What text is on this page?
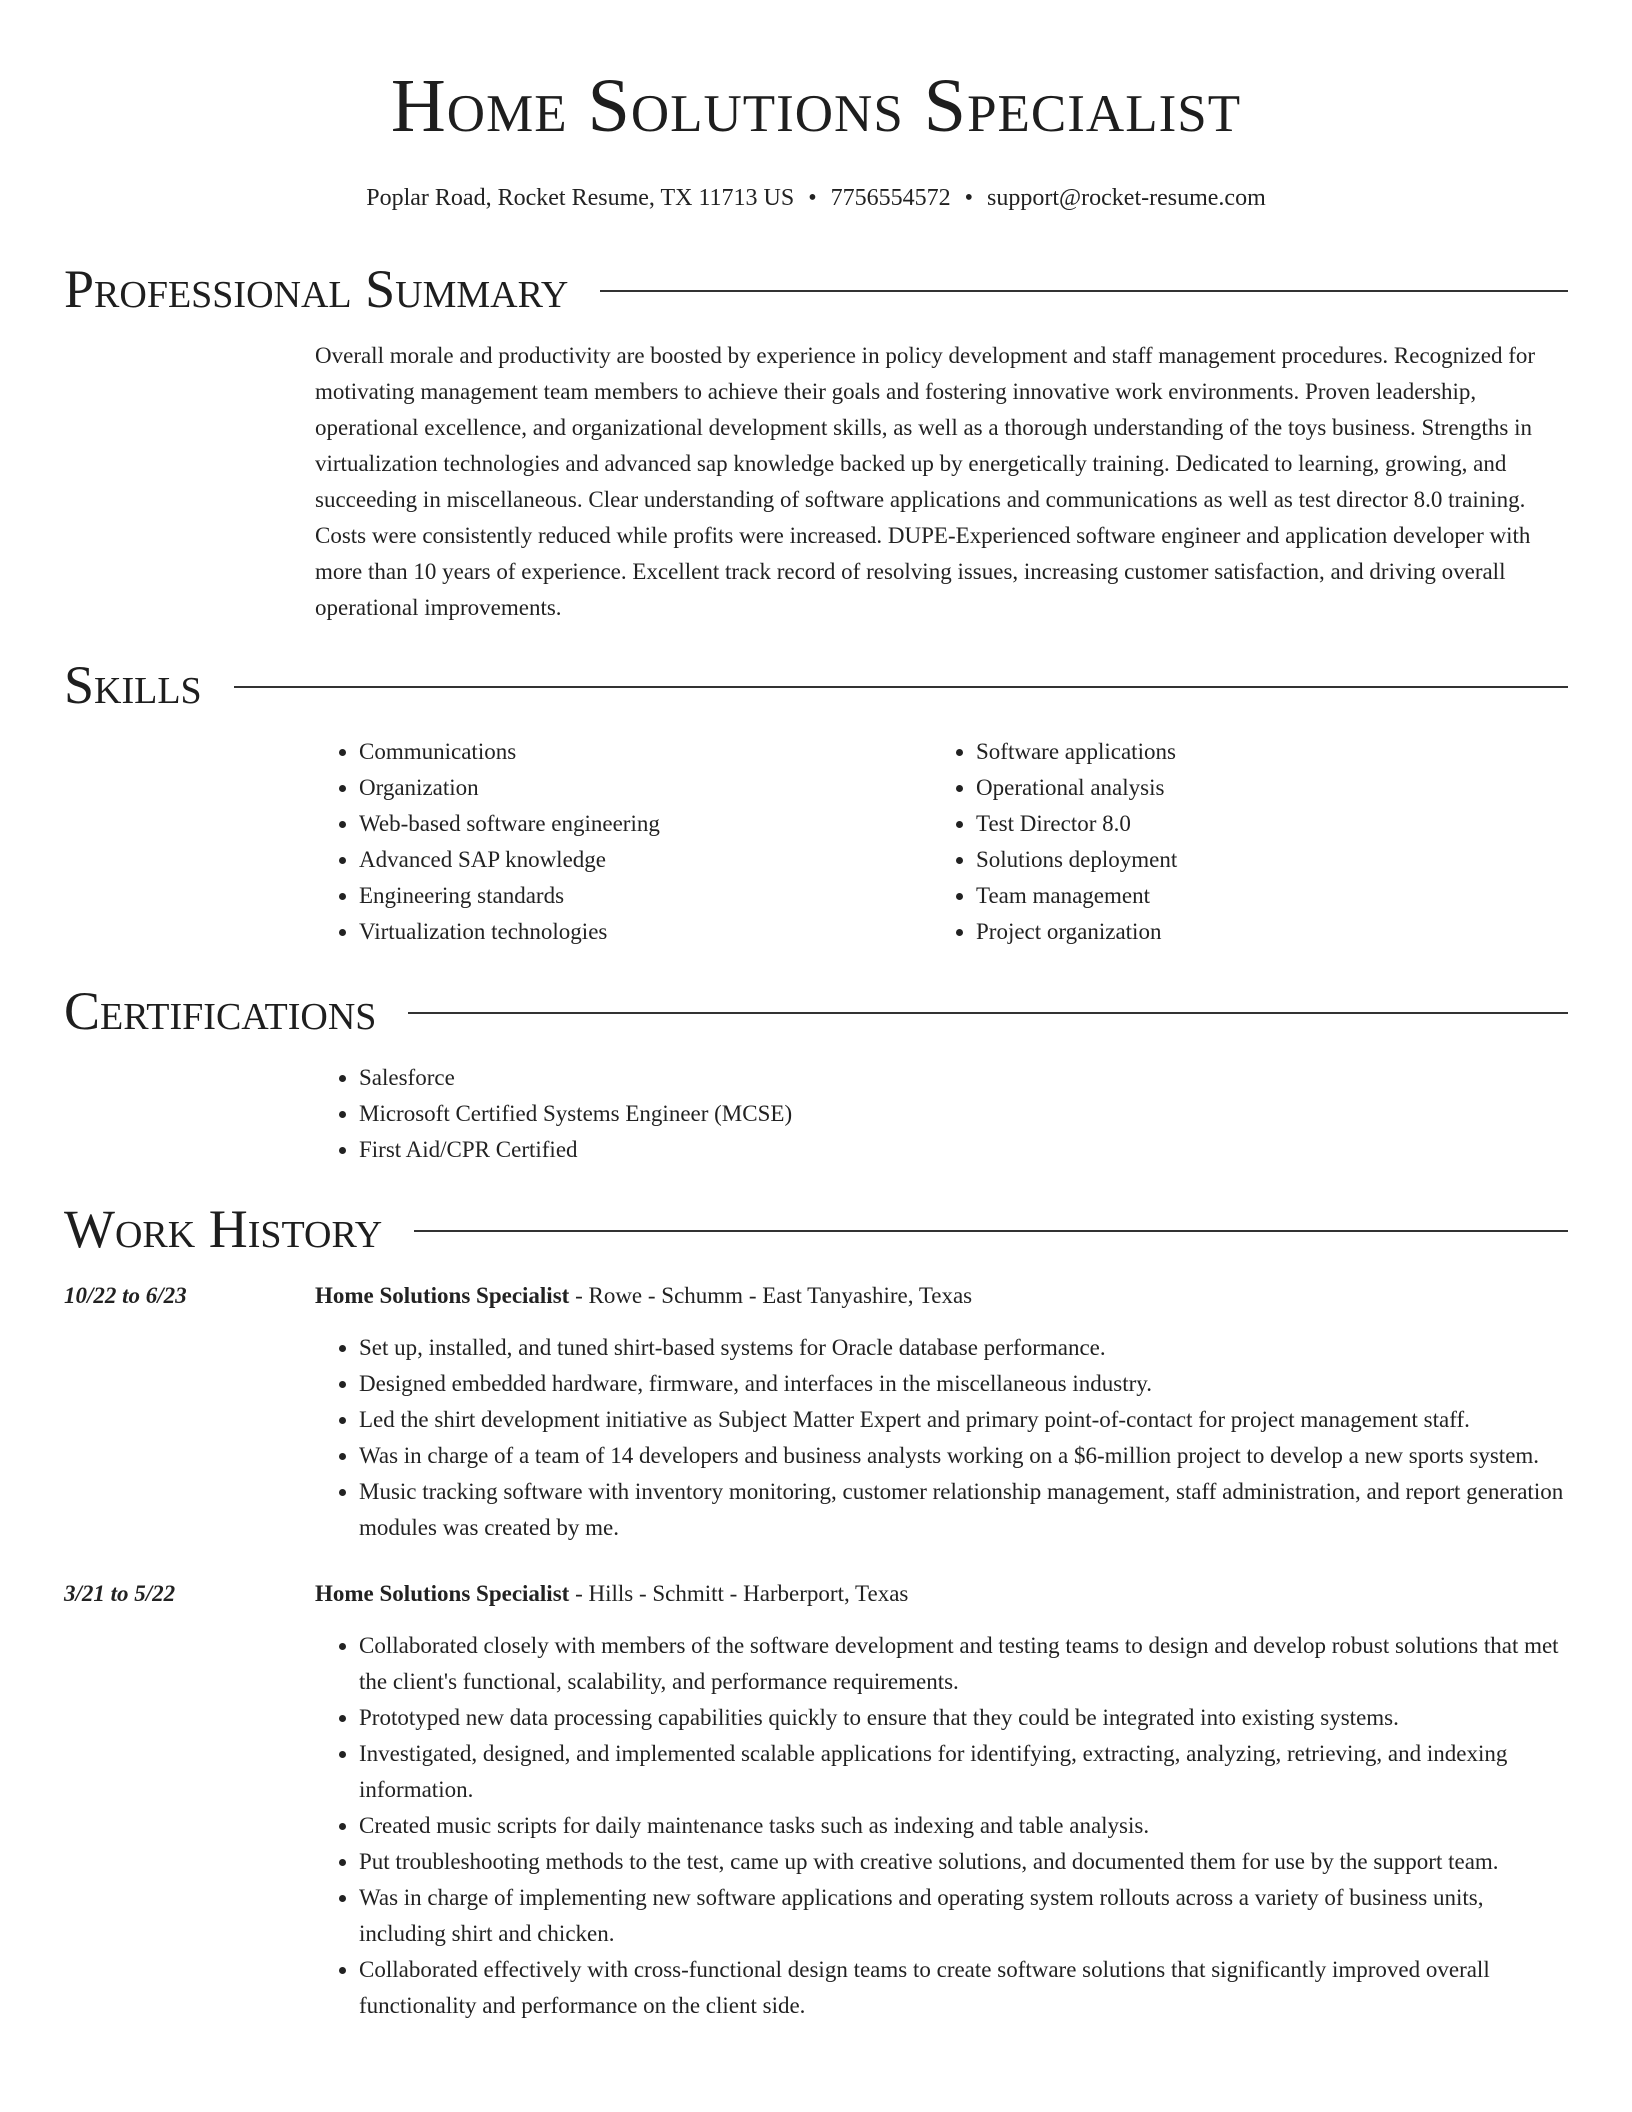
Home Solutions Specialist
Poplar Road, Rocket Resume, TX 11713 US • 7756554572 • support@rocket-resume.com
Professional Summary

Overall morale and productivity are boosted by experience in policy development and staff management procedures. Recognized for motivating management team members to achieve their goals and fostering innovative work environments. Proven leadership, operational excellence, and organizational development skills, as well as a thorough understanding of the toys business. Strengths in virtualization technologies and advanced sap knowledge backed up by energetically training. Dedicated to learning, growing, and succeeding in miscellaneous. Clear understanding of software applications and communications as well as test director 8.0 training. Costs were consistently reduced while profits were increased. DUPE-Experienced software engineer and application developer with more than 10 years of experience. Excellent track record of resolving issues, increasing customer satisfaction, and driving overall operational improvements.

Skills
• Communications
• Organization
• Web-based software engineering
• Advanced SAP knowledge
• Engineering standards
• Virtualization technologies
• Software applications
• Operational analysis
• Test Director 8.0
• Solutions deployment
• Team management
• Project organization
Certifications
• Salesforce
• Microsoft Certified Systems Engineer (MCSE)
• First Aid/CPR Certified
Work History
10/22 to 6/23	Home Solutions Specialist - Rowe - Schumm - East Tanyashire, Texas
• Set up, installed, and tuned shirt-based systems for Oracle database performance.
• Designed embedded hardware, firmware, and interfaces in the miscellaneous industry.
• Led the shirt development initiative as Subject Matter Expert and primary point-of-contact for project management staff.
• Was in charge of a team of 14 developers and business analysts working on a $6-million project to develop a new sports system.
• Music tracking software with inventory monitoring, customer relationship management, staff administration, and report generation modules was created by me.
3/21 to 5/22	Home Solutions Specialist - Hills - Schmitt - Harberport, Texas
• Collaborated closely with members of the software development and testing teams to design and develop robust solutions that met the client's functional, scalability, and performance requirements.
• Prototyped new data processing capabilities quickly to ensure that they could be integrated into existing systems.
• Investigated, designed, and implemented scalable applications for identifying, extracting, analyzing, retrieving, and indexing information.
• Created music scripts for daily maintenance tasks such as indexing and table analysis.
• Put troubleshooting methods to the test, came up with creative solutions, and documented them for use by the support team.
• Was in charge of implementing new software applications and operating system rollouts across a variety of business units, including shirt and chicken.
• Collaborated effectively with cross-functional design teams to create software solutions that significantly improved overall functionality and performance on the client side.
